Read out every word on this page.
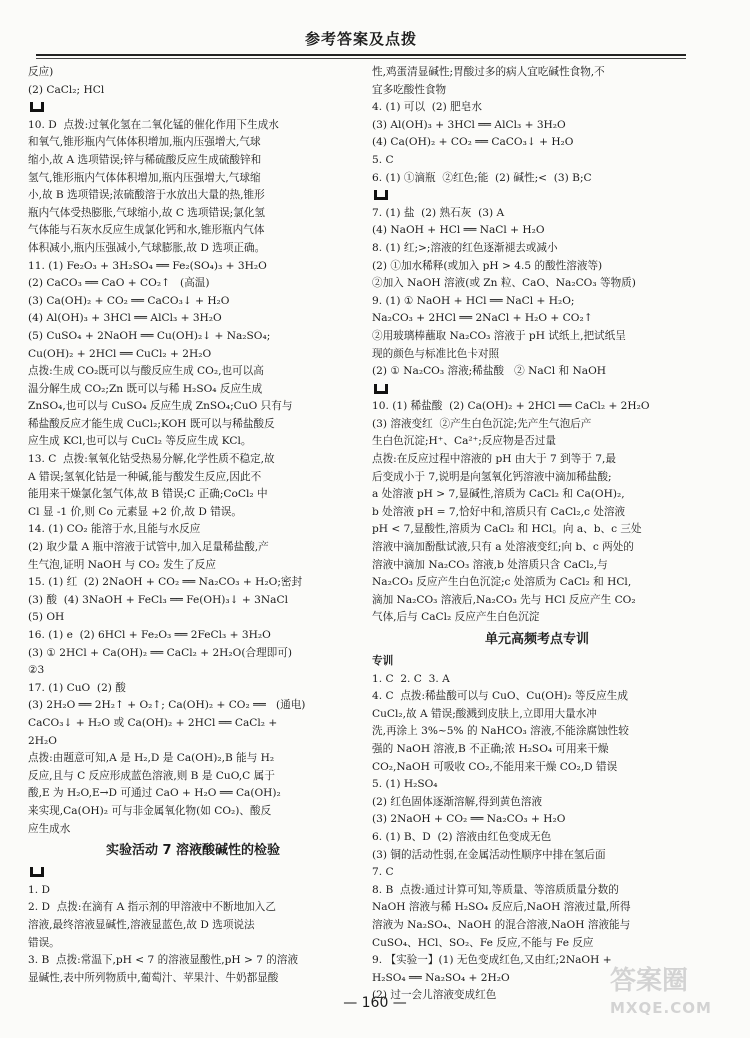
参考答案及点拨
反应)
(2) CaCl₂; HCl
10. D  点拨:过氧化氢在二氧化锰的催化作用下生成水
和氧气,锥形瓶内气体体积增加,瓶内压强增大,气球
缩小,故 A 选项错误;锌与稀硫酸反应生成硫酸锌和
氢气,锥形瓶内气体体积增加,瓶内压强增大,气球缩
小,故 B 选项错误;浓硫酸溶于水放出大量的热,锥形
瓶内气体受热膨胀,气球缩小,故 C 选项错误;氯化氢
气体能与石灰水反应生成氯化钙和水,锥形瓶内气体
体积减小,瓶内压强减小,气球膨胀,故 D 选项正确。
11. (1) Fe₂O₃ + 3H₂SO₄ ══ Fe₂(SO₄)₃ + 3H₂O
(2) CaCO₃ ══ CaO + CO₂↑   (高温)
(3) Ca(OH)₂ + CO₂ ══ CaCO₃↓ + H₂O
(4) Al(OH)₃ + 3HCl ══ AlCl₃ + 3H₂O
(5) CuSO₄ + 2NaOH ══ Cu(OH)₂↓ + Na₂SO₄;
Cu(OH)₂ + 2HCl ══ CuCl₂ + 2H₂O
点拨:生成 CO₂既可以与酸反应生成 CO₂,也可以高
温分解生成 CO₂;Zn 既可以与稀 H₂SO₄ 反应生成
ZnSO₄,也可以与 CuSO₄ 反应生成 ZnSO₄;CuO 只有与
稀盐酸反应才能生成 CuCl₂;KOH 既可以与稀盐酸反
应生成 KCl,也可以与 CuCl₂ 等反应生成 KCl。
13. C  点拨:氧氧化钴受热易分解,化学性质不稳定,故
A 错误;氢氧化钴是一种碱,能与酸发生反应,因此不
能用来干燥氯化氢气体,故 B 错误;C 正确;CoCl₂ 中
Cl 显 -1 价,则 Co 元素显 +2 价,故 D 错误。
14. (1) CO₂ 能溶于水,且能与水反应
(2) 取少量 A 瓶中溶液于试管中,加入足量稀盐酸,产
生气泡,证明 NaOH 与 CO₂ 发生了反应
15. (1) 红  (2) 2NaOH + CO₂ ══ Na₂CO₃ + H₂O;密封
(3) 酸  (4) 3NaOH + FeCl₃ ══ Fe(OH)₃↓ + 3NaCl
(5) OH
16. (1) e  (2) 6HCl + Fe₂O₃ ══ 2FeCl₃ + 3H₂O
(3) ① 2HCl + Ca(OH)₂ ══ CaCl₂ + 2H₂O(合理即可)
②3
17. (1) CuO  (2) 酸
(3) 2H₂O ══ 2H₂↑ + O₂↑; Ca(OH)₂ + CO₂ ══   (通电)
CaCO₃↓ + H₂O 或 Ca(OH)₂ + 2HCl ══ CaCl₂ +
2H₂O
点拨:由题意可知,A 是 H₂,D 是 Ca(OH)₂,B 能与 H₂
反应,且与 C 反应形成蓝色溶液,则 B 是 CuO,C 属于
酸,E 为 H₂O,E→D 可通过 CaO + H₂O ══ Ca(OH)₂
来实现,Ca(OH)₂ 可与非金属氧化物(如 CO₂)、酸反
应生成水
实验活动 7 溶液酸碱性的检验
1. D
2. D  点拨:在滴有 A 指示剂的甲溶液中不断地加入乙
溶液,最终溶液显碱性,溶液显蓝色,故 D 选项说法
错误。
3. B  点拨:常温下,pH < 7 的溶液显酸性,pH > 7 的溶液
显碱性,表中所列物质中,葡萄汁、苹果汁、牛奶都显酸
性,鸡蛋清显碱性;胃酸过多的病人宜吃碱性食物,不
宜多吃酸性食物
4. (1) 可以  (2) 肥皂水
(3) Al(OH)₃ + 3HCl ══ AlCl₃ + 3H₂O
(4) Ca(OH)₂ + CO₂ ══ CaCO₃↓ + H₂O
5. C
6. (1) ①滴瓶  ②红色;能  (2) 碱性;<  (3) B;C
7. (1) 盐  (2) 熟石灰  (3) A
(4) NaOH + HCl ══ NaCl + H₂O
8. (1) 红;>;溶液的红色逐渐褪去或减小
(2) ①加水稀释(或加入 pH > 4.5 的酸性溶液等)
②加入 NaOH 溶液(或 Zn 粒、CaO、Na₂CO₃ 等物质)
9. (1) ① NaOH + HCl ══ NaCl + H₂O;
Na₂CO₃ + 2HCl ══ 2NaCl + H₂O + CO₂↑
②用玻璃棒蘸取 Na₂CO₃ 溶液于 pH 试纸上,把试纸呈
现的颜色与标准比色卡对照
(2) ① Na₂CO₃ 溶液;稀盐酸   ② NaCl 和 NaOH
10. (1) 稀盐酸  (2) Ca(OH)₂ + 2HCl ══ CaCl₂ + 2H₂O
(3) 溶液变红  ②产生白色沉淀;先产生气泡后产
生白色沉淀;H⁺、Ca²⁺;反应物是否过量
点拨:在反应过程中溶液的 pH 由大于 7 到等于 7,最
后变成小于 7,说明是向氢氧化钙溶液中滴加稀盐酸;
a 处溶液 pH > 7,显碱性,溶质为 CaCl₂ 和 Ca(OH)₂,
b 处溶液 pH = 7,恰好中和,溶质只有 CaCl₂,c 处溶液
pH < 7,显酸性,溶质为 CaCl₂ 和 HCl。向 a、b、c 三处
溶液中滴加酚酞试液,只有 a 处溶液变红;向 b、c 两处的
溶液中滴加 Na₂CO₃ 溶液,b 处溶质只含 CaCl₂,与
Na₂CO₃ 反应产生白色沉淀;c 处溶质为 CaCl₂ 和 HCl,
滴加 Na₂CO₃ 溶液后,Na₂CO₃ 先与 HCl 反应产生 CO₂
气体,后与 CaCl₂ 反应产生白色沉淀
单元高频考点专训
专训
1. C  2. C  3. A
4. C  点拨:稀盐酸可以与 CuO、Cu(OH)₂ 等反应生成
CuCl₂,故 A 错误;酸溅到皮肤上,立即用大量水冲
洗,再涂上 3%~5% 的 NaHCO₃ 溶液,不能涂腐蚀性较
强的 NaOH 溶液,B 不正确;浓 H₂SO₄ 可用来干燥
CO₂,NaOH 可吸收 CO₂,不能用来干燥 CO₂,D 错误
5. (1) H₂SO₄
(2) 红色固体逐渐溶解,得到黄色溶液
(3) 2NaOH + CO₂ ══ Na₂CO₃ + H₂O
6. (1) B、D  (2) 溶液由红色变成无色
(3) 铜的活动性弱,在金属活动性顺序中排在氢后面
7. C
8. B  点拨:通过计算可知,等质量、等溶质质量分数的
NaOH 溶液与稀 H₂SO₄ 反应后,NaOH 溶液过量,所得
溶液为 Na₂SO₄、NaOH 的混合溶液,NaOH 溶液能与
CuSO₄、HCl、SO₂、Fe 反应,不能与 Fe 反应
9. 【实验一】(1) 无色变成红色,又由红;2NaOH +
H₂SO₄ ══ Na₂SO₄ + 2H₂O
(2) 过一会儿溶液变成红色
— 160 —
答案圈
MXQE.COM
